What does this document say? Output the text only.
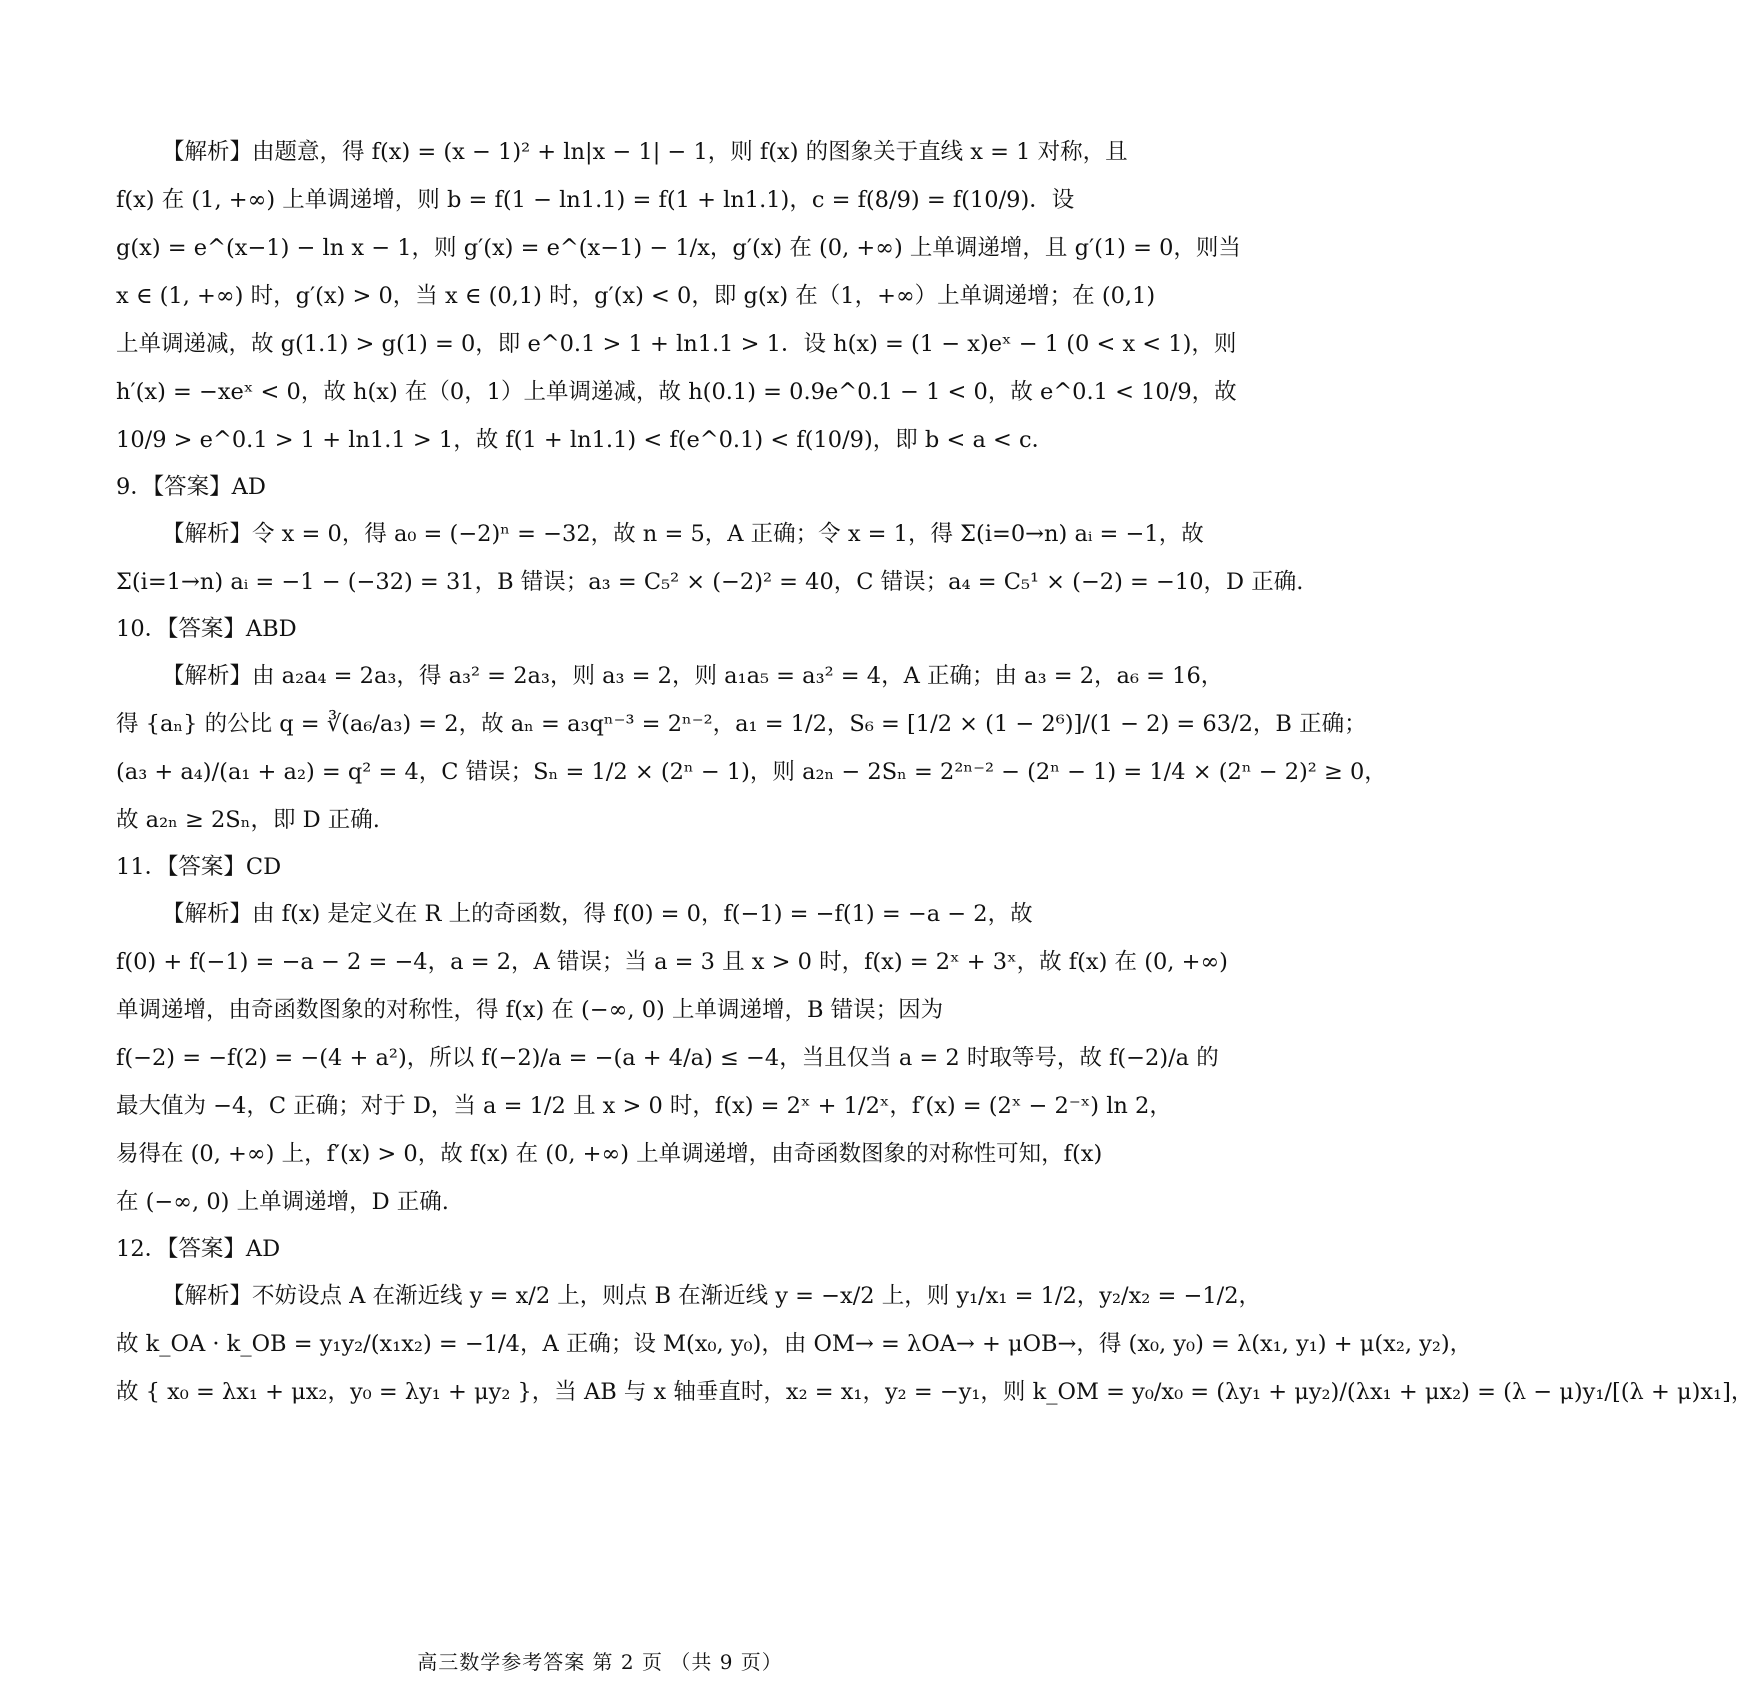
【解析】由题意，得 f(x) = (x − 1)² + ln|x − 1| − 1，则 f(x) 的图象关于直线 x = 1 对称，且
f(x) 在 (1, +∞) 上单调递增，则 b = f(1 − ln1.1) = f(1 + ln1.1)，c = f(8/9) = f(10/9)．设
g(x) = e^(x−1) − ln x − 1，则 g′(x) = e^(x−1) − 1/x，g′(x) 在 (0, +∞) 上单调递增，且 g′(1) = 0，则当
x ∈ (1, +∞) 时，g′(x) > 0，当 x ∈ (0,1) 时，g′(x) < 0，即 g(x) 在（1，+∞）上单调递增；在 (0,1)
上单调递减，故 g(1.1) > g(1) = 0，即 e^0.1 > 1 + ln1.1 > 1．设 h(x) = (1 − x)eˣ − 1 (0 < x < 1)，则
h′(x) = −xeˣ < 0，故 h(x) 在（0，1）上单调递减，故 h(0.1) = 0.9e^0.1 − 1 < 0，故 e^0.1 < 10/9，故
10/9 > e^0.1 > 1 + ln1.1 > 1，故 f(1 + ln1.1) < f(e^0.1) < f(10/9)，即 b < a < c．
9．【答案】AD
【解析】令 x = 0，得 a₀ = (−2)ⁿ = −32，故 n = 5，A 正确；令 x = 1，得 Σ(i=0→n) aᵢ = −1，故
Σ(i=1→n) aᵢ = −1 − (−32) = 31，B 错误；a₃ = C₅² × (−2)² = 40，C 错误；a₄ = C₅¹ × (−2) = −10，D 正确.
10．【答案】ABD
【解析】由 a₂a₄ = 2a₃，得 a₃² = 2a₃，则 a₃ = 2，则 a₁a₅ = a₃² = 4，A 正确；由 a₃ = 2，a₆ = 16，
得 {aₙ} 的公比 q = ∛(a₆/a₃) = 2，故 aₙ = a₃qⁿ⁻³ = 2ⁿ⁻²，a₁ = 1/2，S₆ = [1/2 × (1 − 2⁶)]/(1 − 2) = 63/2，B 正确；
(a₃ + a₄)/(a₁ + a₂) = q² = 4，C 错误；Sₙ = 1/2 × (2ⁿ − 1)，则 a₂ₙ − 2Sₙ = 2²ⁿ⁻² − (2ⁿ − 1) = 1/4 × (2ⁿ − 2)² ≥ 0，
故 a₂ₙ ≥ 2Sₙ，即 D 正确.
11．【答案】CD
【解析】由 f(x) 是定义在 R 上的奇函数，得 f(0) = 0，f(−1) = −f(1) = −a − 2，故
f(0) + f(−1) = −a − 2 = −4，a = 2，A 错误；当 a = 3 且 x > 0 时，f(x) = 2ˣ + 3ˣ，故 f(x) 在 (0, +∞)
单调递增，由奇函数图象的对称性，得 f(x) 在 (−∞, 0) 上单调递增，B 错误；因为
f(−2) = −f(2) = −(4 + a²)，所以 f(−2)/a = −(a + 4/a) ≤ −4，当且仅当 a = 2 时取等号，故 f(−2)/a 的
最大值为 −4，C 正确；对于 D，当 a = 1/2 且 x > 0 时，f(x) = 2ˣ + 1/2ˣ，f′(x) = (2ˣ − 2⁻ˣ) ln 2，
易得在 (0, +∞) 上，f′(x) > 0，故 f(x) 在 (0, +∞) 上单调递增，由奇函数图象的对称性可知，f(x)
在 (−∞, 0) 上单调递增，D 正确.
12．【答案】AD
【解析】不妨设点 A 在渐近线 y = x/2 上，则点 B 在渐近线 y = −x/2 上，则 y₁/x₁ = 1/2，y₂/x₂ = −1/2，
故 k_OA · k_OB = y₁y₂/(x₁x₂) = −1/4，A 正确；设 M(x₀, y₀)，由 OM→ = λOA→ + μOB→，得 (x₀, y₀) = λ(x₁, y₁) + μ(x₂, y₂)，
故 { x₀ = λx₁ + μx₂，y₀ = λy₁ + μy₂ }，当 AB 与 x 轴垂直时，x₂ = x₁，y₂ = −y₁，则 k_OM = y₀/x₀ = (λy₁ + μy₂)/(λx₁ + μx₂) = (λ − μ)y₁/[(λ + μ)x₁]，
高三数学参考答案 第 2 页 （共 9 页）
